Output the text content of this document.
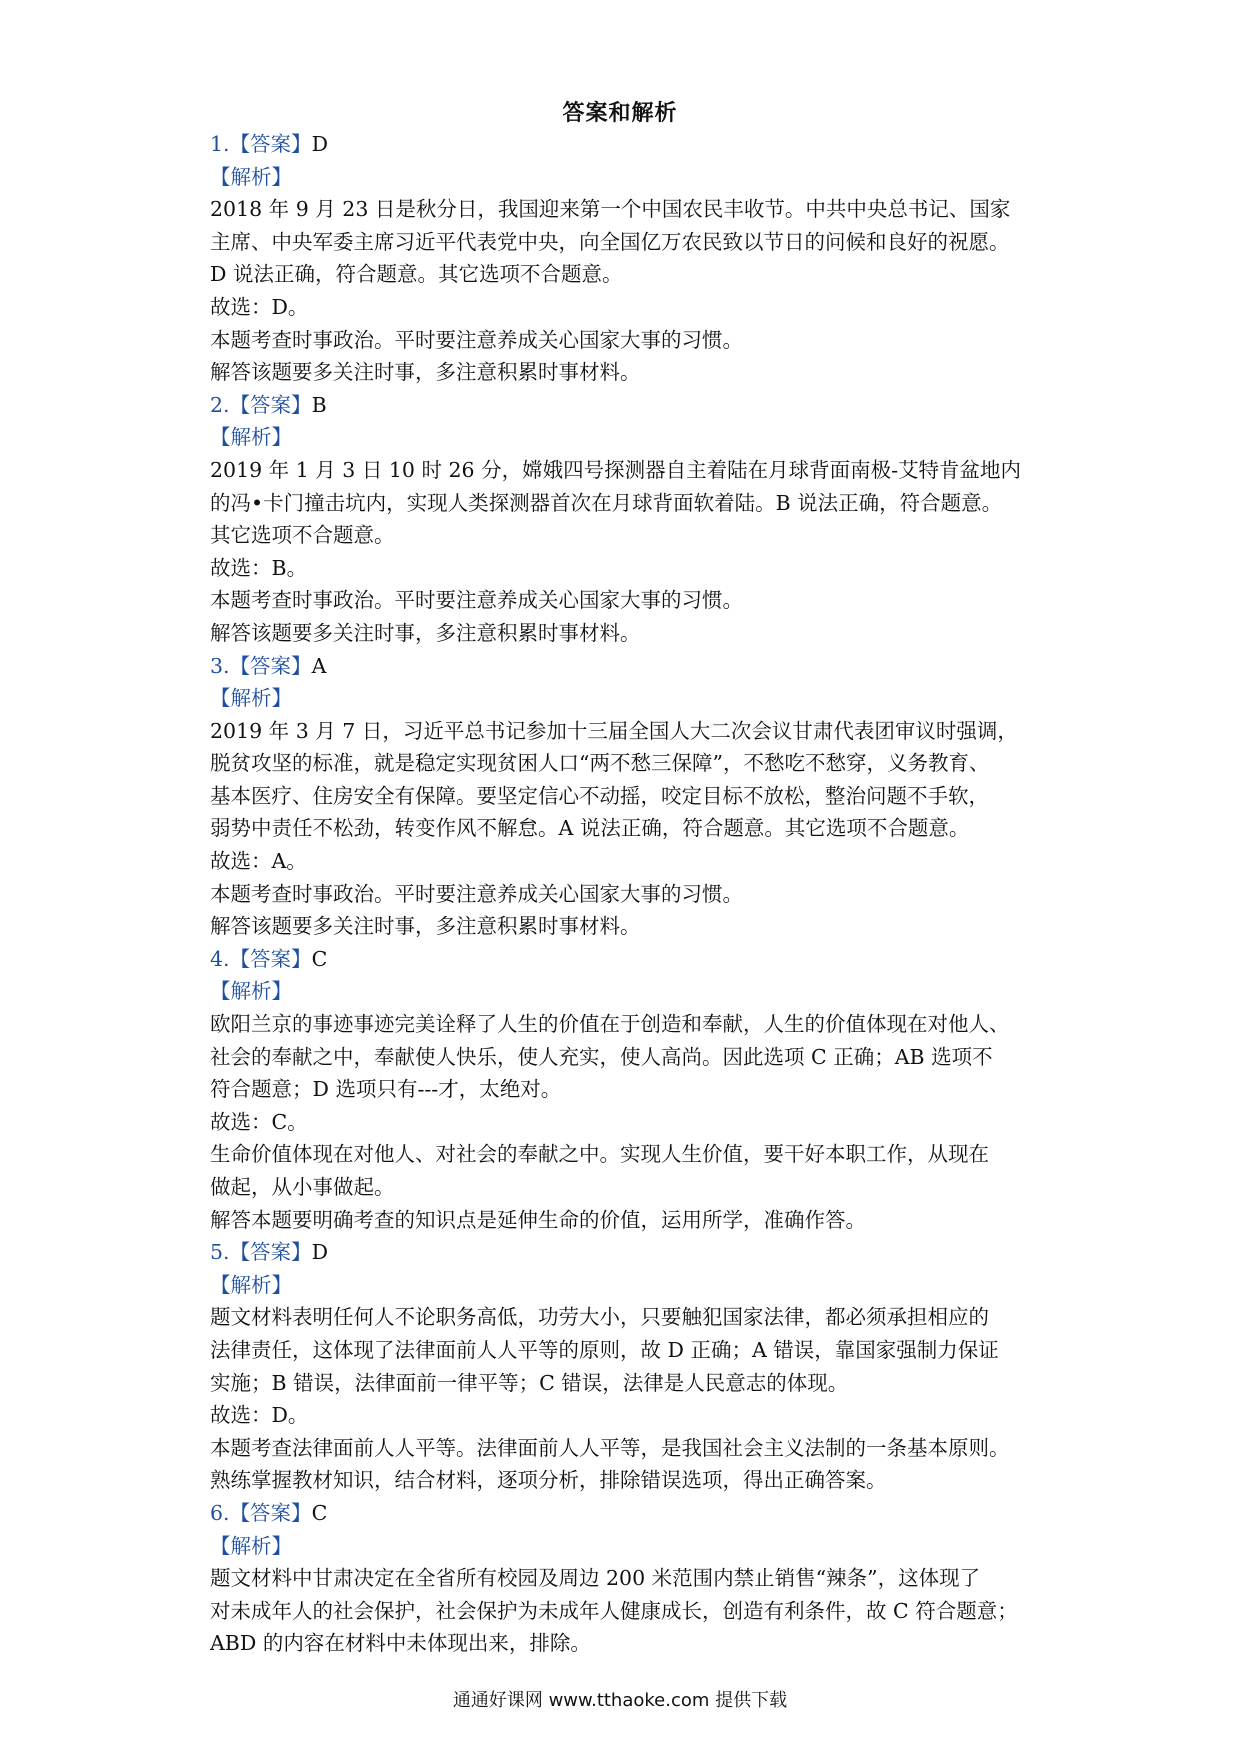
答案和解析
1.【答案】D
【解析】
2018 年 9 月 23 日是秋分日，我国迎来第一个中国农民丰收节。中共中央总书记、国家
主席、中央军委主席习近平代表党中央，向全国亿万农民致以节日的问候和良好的祝愿。
D 说法正确，符合题意。其它选项不合题意。
故选：D。
本题考查时事政治。平时要注意养成关心国家大事的习惯。
解答该题要多关注时事，多注意积累时事材料。
2.【答案】B
【解析】
2019 年 1 月 3 日 10 时 26 分，嫦娥四号探测器自主着陆在月球背面南极-艾特肯盆地内
的冯•卡门撞击坑内，实现人类探测器首次在月球背面软着陆。B 说法正确，符合题意。
其它选项不合题意。
故选：B。
本题考查时事政治。平时要注意养成关心国家大事的习惯。
解答该题要多关注时事，多注意积累时事材料。
3.【答案】A
【解析】
2019 年 3 月 7 日，习近平总书记参加十三届全国人大二次会议甘肃代表团审议时强调，
脱贫攻坚的标准，就是稳定实现贫困人口“两不愁三保障”，不愁吃不愁穿，义务教育、
基本医疗、住房安全有保障。要坚定信心不动摇，咬定目标不放松，整治问题不手软，
弱势中责任不松劲，转变作风不解怠。A 说法正确，符合题意。其它选项不合题意。
故选：A。
本题考查时事政治。平时要注意养成关心国家大事的习惯。
解答该题要多关注时事，多注意积累时事材料。
4.【答案】C
【解析】
欧阳兰京的事迹事迹完美诠释了人生的价值在于创造和奉献，人生的价值体现在对他人、
社会的奉献之中，奉献使人快乐，使人充实，使人高尚。因此选项 C 正确；AB 选项不
符合题意；D 选项只有---才，太绝对。
故选：C。
生命价值体现在对他人、对社会的奉献之中。实现人生价值，要干好本职工作，从现在
做起，从小事做起。
解答本题要明确考查的知识点是延伸生命的价值，运用所学，准确作答。
5.【答案】D
【解析】
题文材料表明任何人不论职务高低，功劳大小，只要触犯国家法律，都必须承担相应的
法律责任，这体现了法律面前人人平等的原则，故 D 正确；A 错误，靠国家强制力保证
实施；B 错误，法律面前一律平等；C 错误，法律是人民意志的体现。
故选：D。
本题考查法律面前人人平等。法律面前人人平等，是我国社会主义法制的一条基本原则。
熟练掌握教材知识，结合材料，逐项分析，排除错误选项，得出正确答案。
6.【答案】C
【解析】
题文材料中甘肃决定在全省所有校园及周边 200 米范围内禁止销售“辣条”，这体现了
对未成年人的社会保护，社会保护为未成年人健康成长，创造有利条件，故 C 符合题意；
ABD 的内容在材料中未体现出来，排除。
通通好课网 www.tthaoke.com 提供下载
